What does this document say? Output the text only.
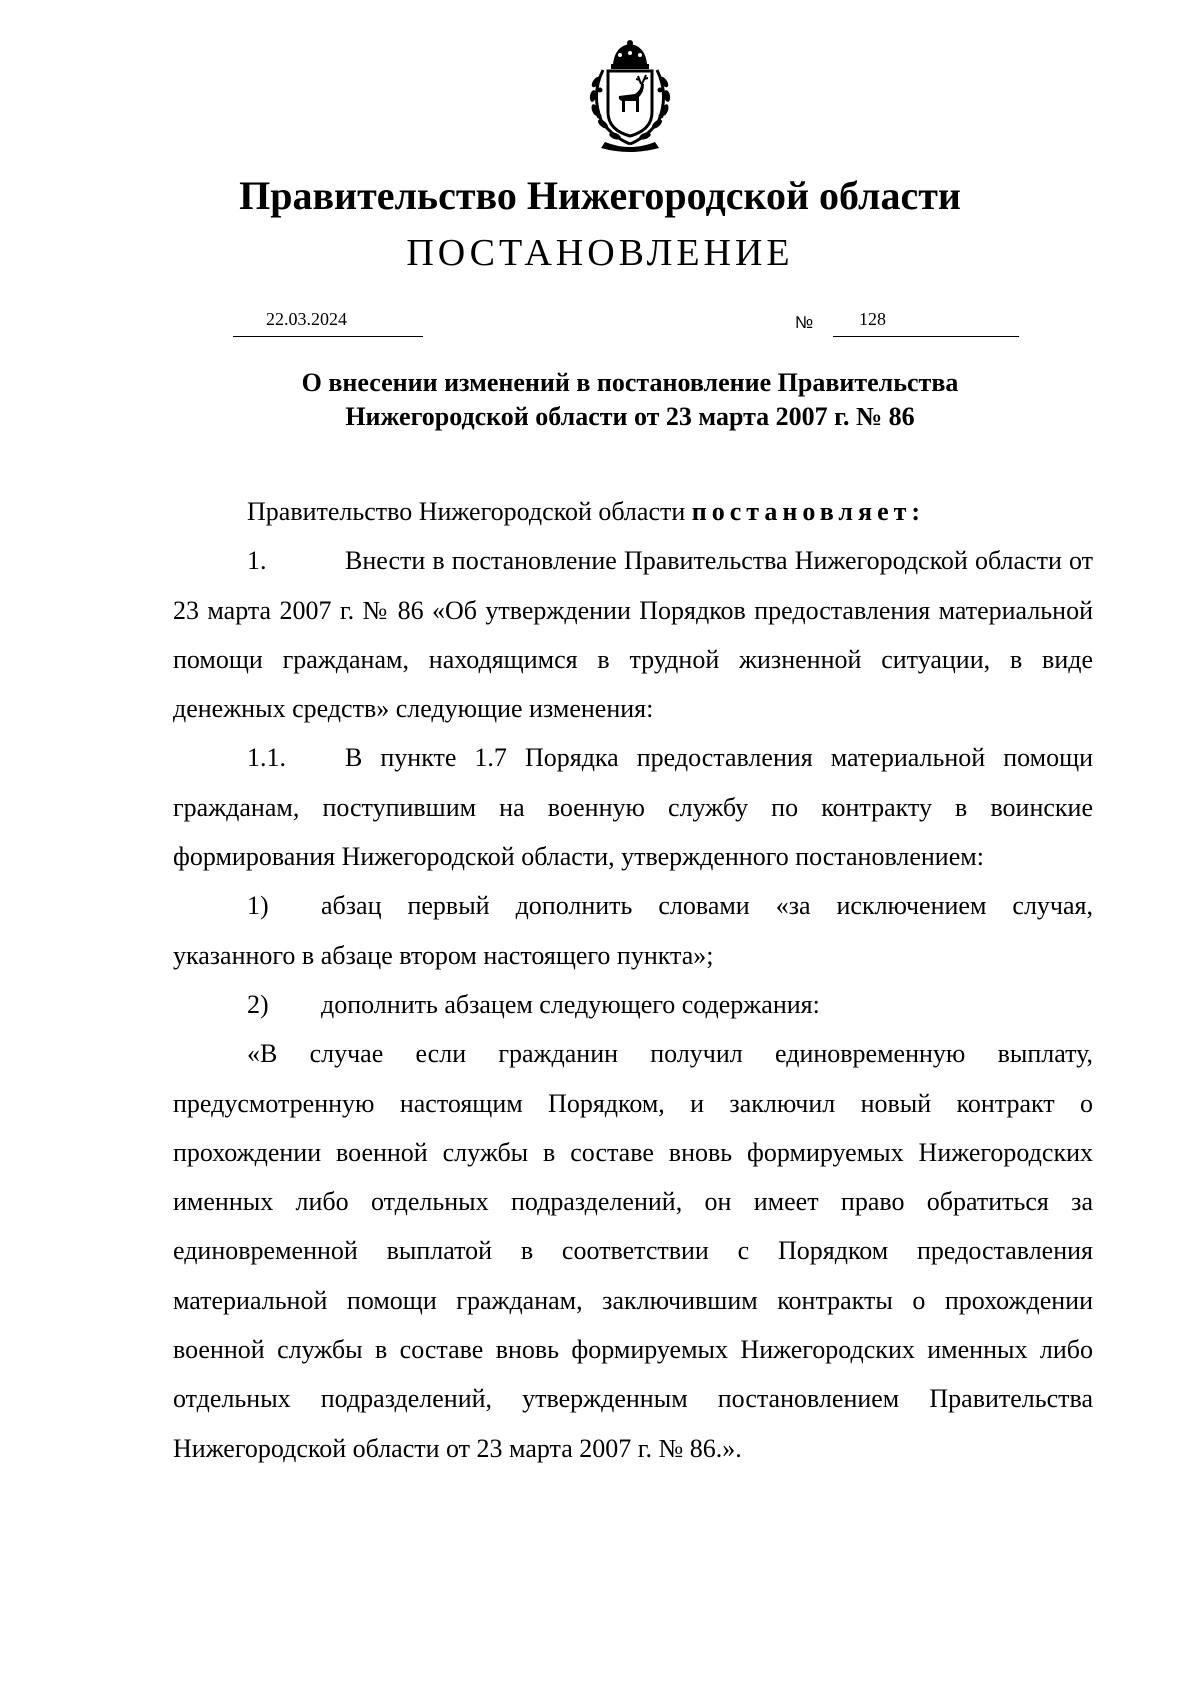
Правительство Нижегородской области
ПОСТАНОВЛЕНИЕ
22.03.2024	№	128
О внесении изменений в постановление Правительства
Нижегородской области от 23 марта 2007 г. № 86

Правительство Нижегородской области постановляет:

1.	Внести в постановление Правительства Нижегородской области от 23 марта 2007 г. № 86 «Об утверждении Порядков предоставления материальной помощи гражданам, находящимся в трудной жизненной ситуации, в виде денежных средств» следующие изменения:

1.1. В пункте 1.7 Порядка предоставления материальной помощи гражданам, поступившим на военную службу по контракту в воинские формирования Нижегородской области, утвержденного постановлением:

1) абзац первый дополнить словами «за исключением случая, указанного в абзаце втором настоящего пункта»;

2) дополнить абзацем следующего содержания:

«В случае если гражданин получил единовременную выплату, предусмотренную настоящим Порядком, и заключил новый контракт о прохождении военной службы в составе вновь формируемых Нижегородских именных либо отдельных подразделений, он имеет право обратиться за единовременной выплатой в соответствии с Порядком предоставления материальной помощи гражданам, заключившим контракты о прохождении военной службы в составе вновь формируемых Нижегородских именных либо отдельных подразделений, утвержденным постановлением Правительства Нижегородской области от 23 марта 2007 г. № 86.».
